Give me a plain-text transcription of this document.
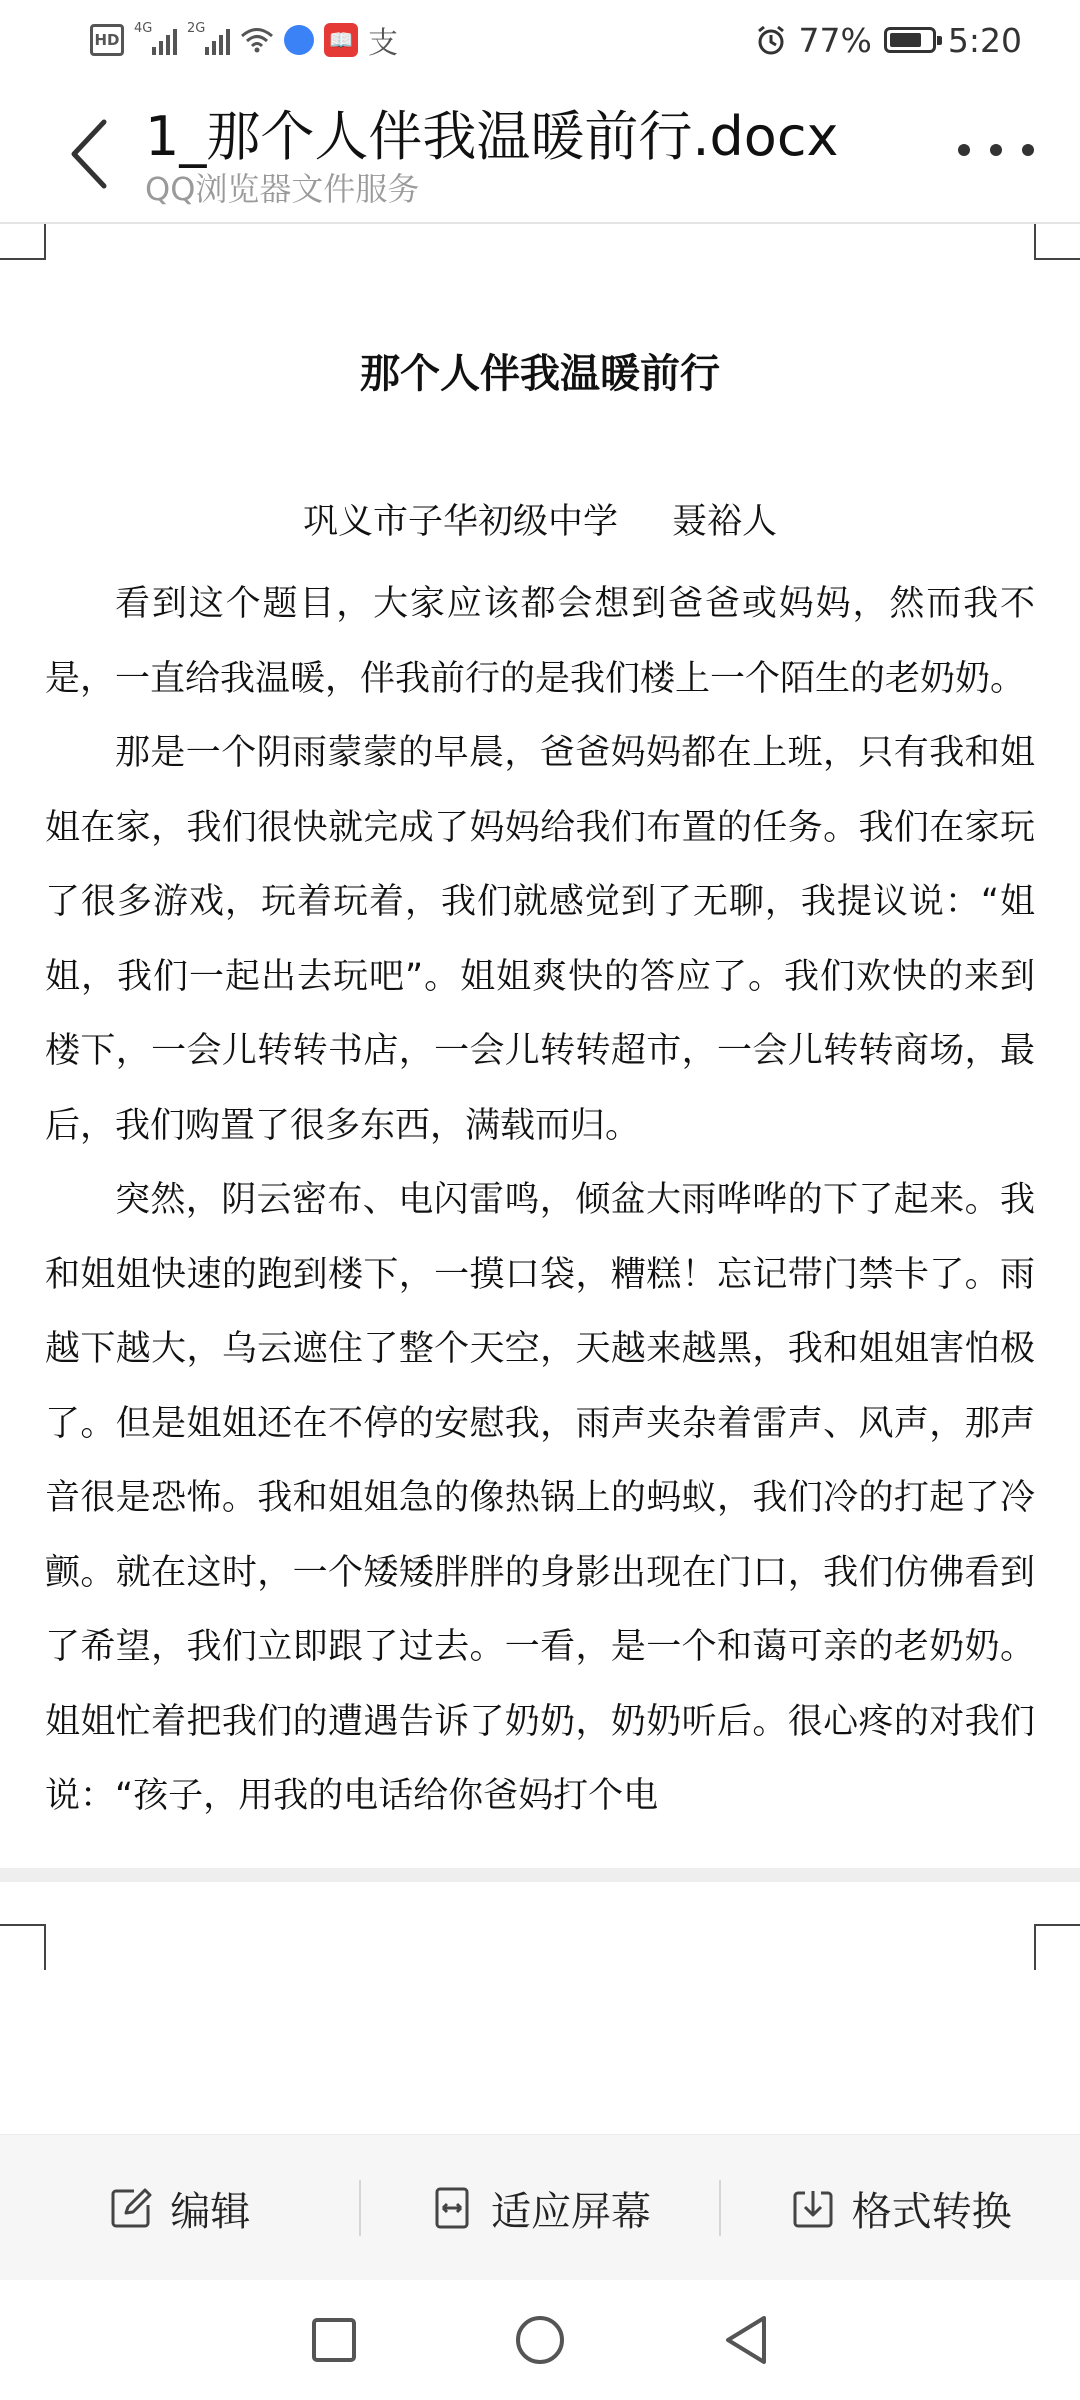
HD
4G	2G	📖 支	77% 5:20
1_那个人伴我温暖前行.docx
QQ浏览器文件服务
那个人伴我温暖前行
巩义市子华初级中学 聂裕人

看到这个题目，大家应该都会想到爸爸或妈妈，然而我不是，一直给我温暖，伴我前行的是我们楼上一个陌生的老奶奶。

那是一个阴雨蒙蒙的早晨，爸爸妈妈都在上班，只有我和姐姐在家，我们很快就完成了妈妈给我们布置的任务。我们在家玩了很多游戏，玩着玩着，我们就感觉到了无聊，我提议说：“姐姐，我们一起出去玩吧”。姐姐爽快的答应了。我们欢快的来到楼下，一会儿转转书店，一会儿转转超市，一会儿转转商场，最后，我们购置了很多东西，满载而归。

突然，阴云密布、电闪雷鸣，倾盆大雨哗哗的下了起来。我和姐姐快速的跑到楼下，一摸口袋，糟糕！忘记带门禁卡了。雨越下越大，乌云遮住了整个天空，天越来越黑，我和姐姐害怕极了。但是姐姐还在不停的安慰我，雨声夹杂着雷声、风声，那声音很是恐怖。我和姐姐急的像热锅上的蚂蚁，我们冷的打起了冷颤。就在这时，一个矮矮胖胖的身影出现在门口，我们仿佛看到了希望，我们立即跟了过去。一看，是一个和蔼可亲的老奶奶。姐姐忙着把我们的遭遇告诉了奶奶，奶奶听后。很心疼的对我们说：“孩子，用我的电话给你爸妈打个电

编辑	适应屏幕	格式转换
